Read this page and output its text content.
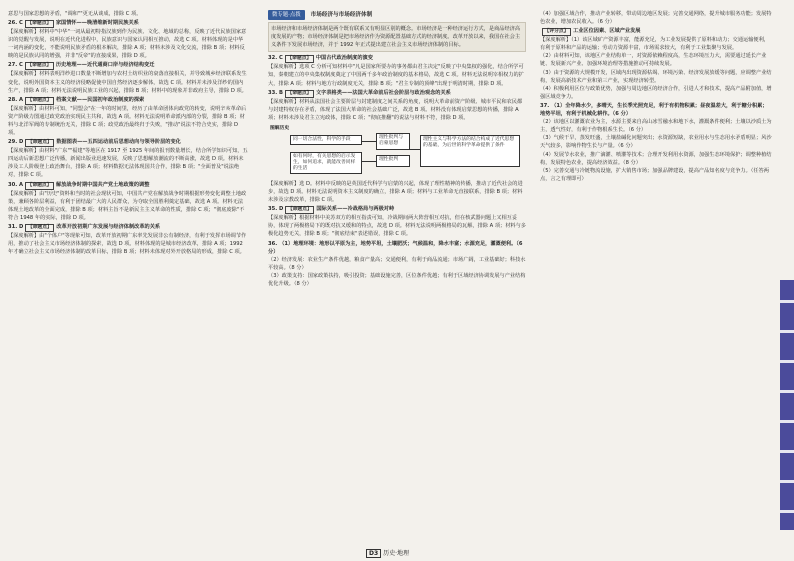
意思与国家思想的矛盾，"调和""更无从谈成，排除 C 项。
26. C 【命题点】 家国情怀——晚清维新时期民族关系
【深度解析】材料中"中华"一词从最初特指汉族到作为民族、文化、地域的总称，反映了近代民族国家意识的觉醒与发展，说明在近代化进程中，民族意识与国家认同相互推动，故选 C 项。材料体现的是中华一词内涵的变化，不能说明民族矛盾的根本解决，排除 A 项；材料未涉及文化交流，排除 B 项；材料反映的是民族认同的增强，并非"反帝"的直接成果，排除 D 项。
27. C 【命题点】 历史地理——近代通商口岸与经济结构变迁
【深度解析】材料表明洋纱进口数量不断增加与农村土纺织业的衰落直接相关，并导致城乡经济联系发生变化，说明外国资本主义的经济侵略促使中国自然经济逐步解体，故选 C 项。材料并未涉及洋纱的国内生产，排除 A 项；材料无法说明民族工业的兴起，排除 B 项；材料中的现象并非政府主导，排除 D 项。
28. A 【命题点】 档案文献——民国初年政治制度的探索
【深度解析】由材料可知，"同盟会"在一年的时间里，经历了由革命团体向政党的转变，说明辛亥革命后资产阶级力图通过政党政治实现民主共和，故选 A 项。材料无法说明革命派内部的分裂，排除 B 项；材料与北洋军阀的专制统治无关，排除 C 项；政党政治最终归于失败，"推动"说法不符合史实，排除 D 项。
29. D 【命题点】 数据图表——五四运动前后思想动向与领导阶层的变化
【深度解析】由材料"广东""福建"等地区在 1917 至 1925 年间的报刊数量增长，结合所学知识可知，五四运动后新思想广泛传播，新闻出版业迅速发展，反映了思想解放潮流的不断高涨，故选 D 项。材料未涉及工人阶级登上政治舞台，排除 A 项；材料数据无法体现国共合作，排除 B 项；"全面普及"说法绝对，排除 C 项。
30. A 【命题点】 解放战争时期中国共产党土地政策的调整
【深度解析】由"历史"资料和当时的社会现状可知，中国共产党在解放战争时期根据形势变化调整土地政策，兼顾各阶层利益，有利于团结最广大的人民群众，为夺取全国胜利奠定基础，故选 A 项。材料无法体现土地改革的全面完成，排除 B 项；材料主旨不是新民主主义革命的性质，排除 C 项；"彻底废除"不符合 1948 年的实际，排除 D 项。
31. D 【命题点】 改革开放初期广东发展与经济体制改革的关系
【深度解析】由"个体户"等现象可知，改革开放初期广东率先发展非公有制经济，有利于发挥市场调节作用，推动了社会主义市场经济体制的探索，故选 D 项。材料体现的是城市经济改革，排除 A 项；1992 年才确立社会主义市场经济体制的改革目标，排除 B 项；材料未体现对外开放格局的形成，排除 C 项。
微专题·点拨	市场经济与市场经济体制
市场经济和市场经济体制是两个既有联系又有明显区别的概念。市场经济是一种经济运行方式，是商品经济高度发展的产物；市场经济体制是把市场经济作为资源配置基础方式的经济制度。改革开放以来，我国在社会主义条件下发展市场经济，并于 1992 年正式提出建立社会主义市场经济体制的目标。
32. C 【命题点】 中国古代政治制度的演变
【深度解析】选项 C 分析可知材料中"凡是国家所要办的事务都由君主决定"反映了中央集权的强化，结合所学可知，秦朝建立的中央集权制度奠定了中国两千多年政治制度的基本格局，故选 C 项。材料无法说明宰相权力的扩大，排除 A 项；材料与地方行政制度无关，排除 B 项；"君主专制的顶峰"出现于明清时期，排除 D 项。
33. B 【命题点】 文字表格类——法国大革命前后社会阶层与政治观念的关系
【深度解析】材料从法国社会主要阶层与封建制度之间关系的角度，说明大革命前资产阶级、城市平民和农民都与封建特权存在矛盾，体现了法国大革命的社会基础广泛，故选 B 项。材料没有体现启蒙思想的传播，排除 A 项；材料未涉及君主立宪政体，排除 C 项；"彻底推翻"的说法与材料不符，排除 D 项。
图解历史
同一切合法性，科学的手段
如有何时，有关思想的启示发生，如何追求，就能改善同样的生活
理性批判与启蒙思想
理性批判
理性主义与科学方法的结合构成了近代思想的基础，为后世的科学革命提供了条件
【深度解析】选 D。材料中反映的是英国近代科学与启蒙的兴起，体现了理性精神的传播，推动了近代社会的进步，故选 D 项。材料无法说明资本主义制度的确立，排除 A 项；材料与工业革命无直接联系，排除 B 项；材料未涉及宗教改革，排除 C 项。
35. D 【命题点】 国际关系——冷战格局与两极对峙
【深度解析】根据材料中美苏双方的相互指责可知，冷战期间两大阵营相互对抗，但在核武器问题上又相互妥协，体现了两极格局下的既对抗又缓和的特点，故选 D 项。材料无法说明两极格局的瓦解，排除 A 项；材料与多极化趋势无关，排除 B 项；"彻底结束"表述错误，排除 C 项。
36. （1）地理环境：地形以平原为主，地势平坦，土壤肥沃；气候温和，降水丰富；水源充足，灌溉便利。（6 分）
（2）经济发展：农业生产条件优越，粮食产量高；交通便利，有利于商品流通；市场广阔，工业基础好；科技水平较高。（8 分）
（3）政策支持：国家政策扶持，吸引投资；基础设施完善，区位条件优越；有利于区域经济协调发展与产业结构优化升级。（8 分）
（4）加强区域合作，推动产业转移，带动周边地区发展；完善交通网络，提升城市服务功能；发展特色农业，增加农民收入。（6 分）
【评分点】 工业区位因素、区域产业发展
【深度解析】（1）该区域矿产资源丰富，能源充足，为工业发展提供了原料和动力；交通运输便利，有利于原料和产品的运输；劳动力资源丰富，市场需求较大，有利于工业集聚与发展。
（2）由材料可知，该地区产业结构单一，对资源依赖程度高，生态环境压力大，需要通过延长产业链、发展新兴产业、加强环境治理等措施推动可持续发展。
（3）由于资源的大规模开发，区域内出现资源枯竭、环境污染、经济发展放缓等问题，应调整产业结构，发展高新技术产业和第三产业，实现经济转型。
（4）积极利用区位与政策优势，加强与周边地区的经济合作，引进人才和技术，提高产品附加值，增强区域竞争力。
37. （1）全年降水少，多晴天，生长季光照充足，利于有机物积累；昼夜温差大，利于糖分积累；地势平坦，有利于机械化耕作。（6 分）
（2）该地区以灌溉农业为主，水源主要来自高山冰雪融水和地下水，灌溉条件便利；土壤以沙质土为主，透气性好，有利于作物根系生长。（6 分）
（3）气候干旱，蒸发旺盛，土壤盐碱化问题突出；水资源短缺，农业用水与生态用水矛盾明显；风沙天气较多，影响作物生长与产量。（6 分）
（4）发展节水农业，推广滴灌、喷灌等技术；合理开发利用水资源，加强生态环境保护；调整种植结构，发展特色农业，提高经济效益。（8 分）
（5）完善交通与冷链物流设施，扩大销售市场；加强品牌建设，提高产品知名度与竞争力。（任答两点，言之有理即可）
D3 历史·地理
